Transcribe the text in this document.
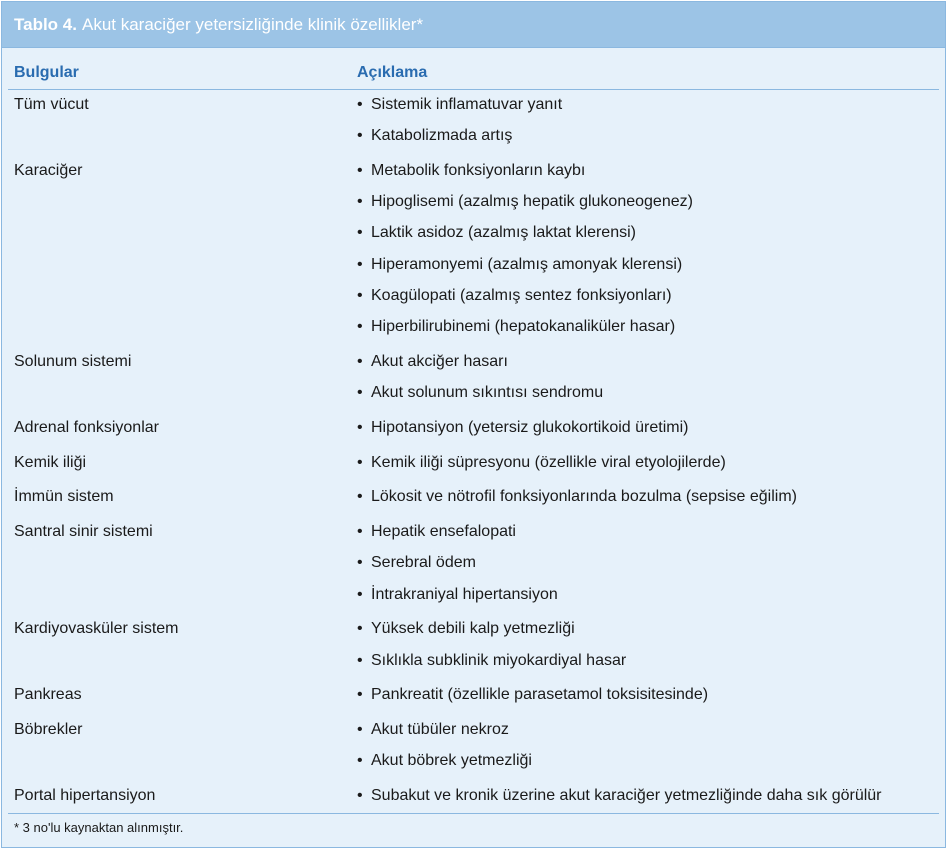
Tablo 4. Akut karaciğer yetersizliğinde klinik özellikler*
Bulgular	Açıklama
Tüm vücut	• Sistemik inflamatuvar yanıt
• Katabolizmada artış
Karaciğer	• Metabolik fonksiyonların kaybı
• Hipoglisemi (azalmış hepatik glukoneogenez)
• Laktik asidoz (azalmış laktat klerensi)
• Hiperamonyemi (azalmış amonyak klerensi)
• Koagülopati (azalmış sentez fonksiyonları)
• Hiperbilirubinemi (hepatokanaliküler hasar)
Solunum sistemi	• Akut akciğer hasarı
• Akut solunum sıkıntısı sendromu
Adrenal fonksiyonlar	• Hipotansiyon (yetersiz glukokortikoid üretimi)
Kemik iliği	• Kemik iliği süpresyonu (özellikle viral etyolojilerde)
İmmün sistem	• Lökosit ve nötrofil fonksiyonlarında bozulma (sepsise eğilim)
Santral sinir sistemi	• Hepatik ensefalopati
• Serebral ödem
• İntrakraniyal hipertansiyon
Kardiyovasküler sistem	• Yüksek debili kalp yetmezliği
• Sıklıkla subklinik miyokardiyal hasar
Pankreas	• Pankreatit (özellikle parasetamol toksisitesinde)
Böbrekler	• Akut tübüler nekroz
• Akut böbrek yetmezliği
Portal hipertansiyon	• Subakut ve kronik üzerine akut karaciğer yetmezliğinde daha sık görülür
* 3 no'lu kaynaktan alınmıştır.
